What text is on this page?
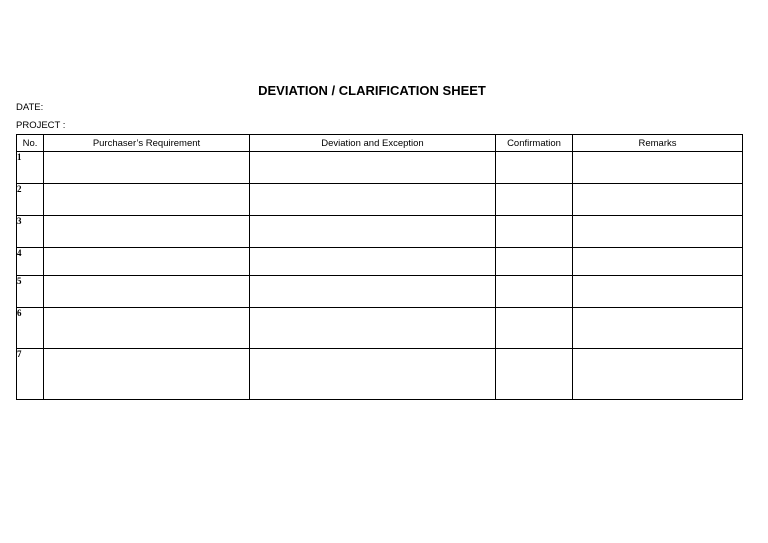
DEVIATION / CLARIFICATION SHEET
DATE:
PROJECT :
No.	Purchaser’s Requirement	Deviation and Exception	Confirmation	Remarks
1				
2				
3				
4				
5				
6				
7				
